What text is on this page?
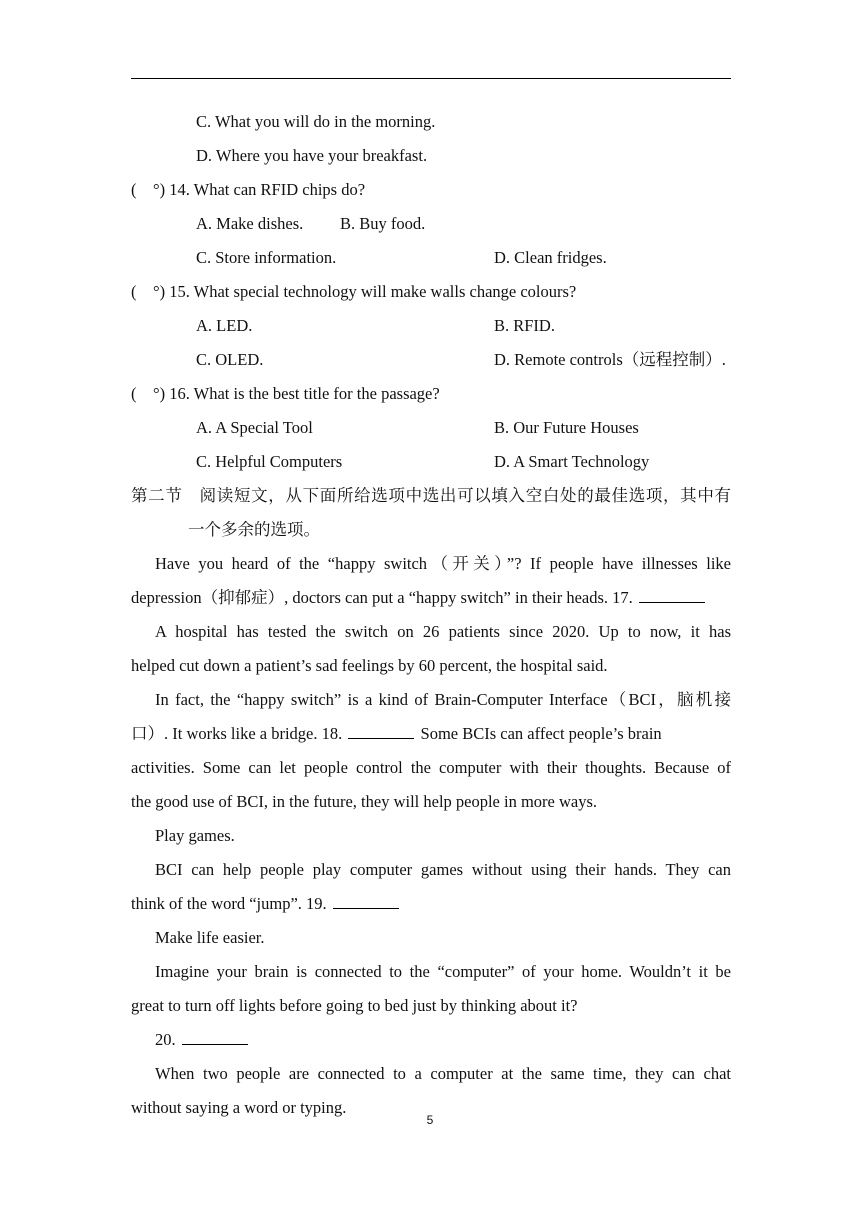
C. What you will do in the morning.
D. Where you have your breakfast.
(　°) 14. What can RFID chips do?
A. Make dishes. B. Buy food.
C. Store information.	D. Clean fridges.
(　°) 15. What special technology will make walls change colours?
A. LED.	B. RFID.
C. OLED.	D. Remote controls（远程控制）.
(　°) 16. What is the best title for the passage?
A. A Special Tool	B. Our Future Houses
C. Helpful Computers	D. A Smart Technology
第二节　阅读短文，从下面所给选项中选出可以填入空白处的最佳选项，其中有
一个多余的选项。
Have you heard of the “happy switch（开关）”? If people have illnesses like
depression（抑郁症）, doctors can put a “happy switch” in their heads. 17.
A hospital has tested the switch on 26 patients since 2020. Up to now, it has
helped cut down a patient’s sad feelings by 60 percent, the hospital said.
In fact, the “happy switch” is a kind of Brain-Computer Interface（BCI，脑机接
口）. It works like a bridge. 18.	Some BCIs can affect people’s brain
activities. Some can let people control the computer with their thoughts. Because of
the good use of BCI, in the future, they will help people in more ways.
Play games.
BCI can help people play computer games without using their hands. They can
think of the word “jump”. 19.
Make life easier.
Imagine your brain is connected to the “computer” of your home. Wouldn’t it be
great to turn off lights before going to bed just by thinking about it?
20.
When two people are connected to a computer at the same time, they can chat
without saying a word or typing.
5
